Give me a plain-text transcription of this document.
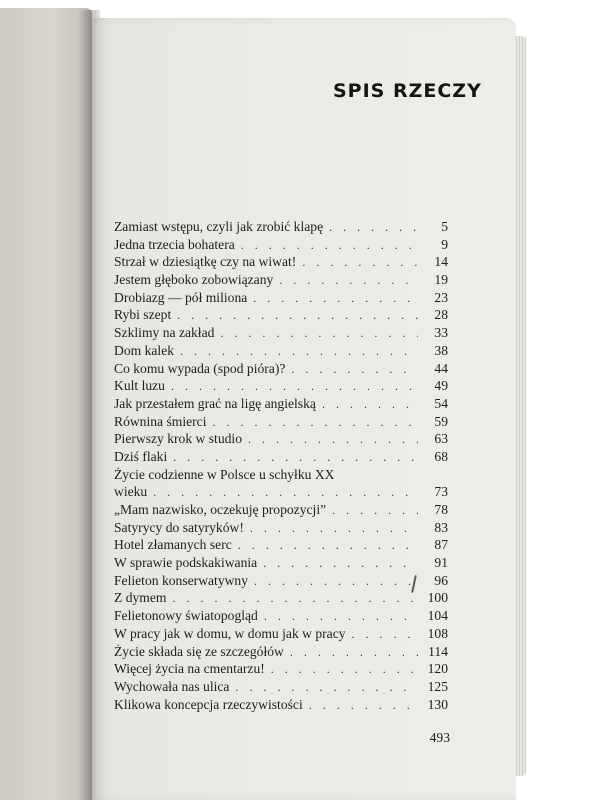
SPIS RZECZY
Zamiast wstępu, czyli jak zrobić klapę . . .	5
Jedna trzecia bohatera . . .	9
Strzał w dziesiątkę czy na wiwat! . . .	14
Jestem głęboko zobowiązany . . .	19
Drobiazg — pół miliona . . .	23
Rybi szept . . .	28
Szklimy na zakład . . .	33
Dom kalek . . .	38
Co komu wypada (spod pióra)? . . .	44
Kult luzu . . .	49
Jak przestałem grać na ligę angielską . . .	54
Równina śmierci . . .	59
Pierwszy krok w studio . . .	63
Dziś flaki . . .	68
Życie codzienne w Polsce u schyłku XX
wieku . . .	73
„Mam nazwisko, oczekuję propozycji” . . .	78
Satyrycy do satyryków! . . .	83
Hotel złamanych serc . . .	87
W sprawie podskakiwania . . .	91
Felieton konserwatywny . . .	96
Z dymem . . .	100
Felietonowy światopogląd . . .	104
W pracy jak w domu, w domu jak w pracy . . .	108
Życie składa się ze szczegółów . . .	114
Więcej życia na cmentarzu! . . .	120
Wychowała nas ulica . . .	125
Klikowa koncepcja rzeczywistości . . .	130
493
